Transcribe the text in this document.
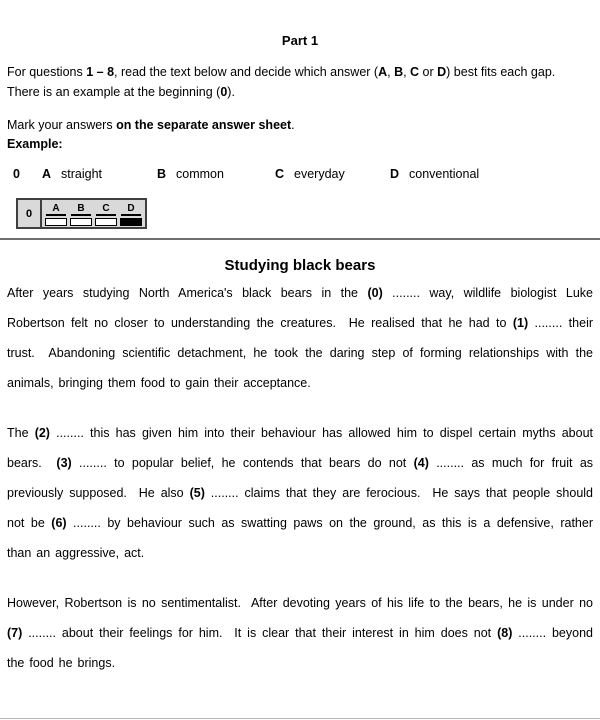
Part 1
For questions 1 – 8, read the text below and decide which answer (A, B, C or D) best fits each gap.  There is an example at the beginning (0).
Mark your answers on the separate answer sheet.
Example:
0 A straight	B common	C everyday	D conventional
0	A	B	C	D
Studying black bears

After years studying North America's black bears in the (0) ........ way, wildlife biologist Luke Robertson felt no closer to understanding the creatures.  He realised that he had to (1) ........ their trust.  Abandoning scientific detachment, he took the daring step of forming relationships with the animals, bringing them food to gain their acceptance.

The (2) ........ this has given him into their behaviour has allowed him to dispel certain myths about bears.  (3) ........ to popular belief, he contends that bears do not (4) ........ as much for fruit as previously supposed.  He also (5) ........ claims that they are ferocious.  He says that people should not be (6) ........ by behaviour such as swatting paws on the ground, as this is a defensive, rather than an aggressive, act.

However, Robertson is no sentimentalist.  After devoting years of his life to the bears, he is under no (7) ........ about their feelings for him.  It is clear that their interest in him does not (8) ........ beyond the food he brings.
